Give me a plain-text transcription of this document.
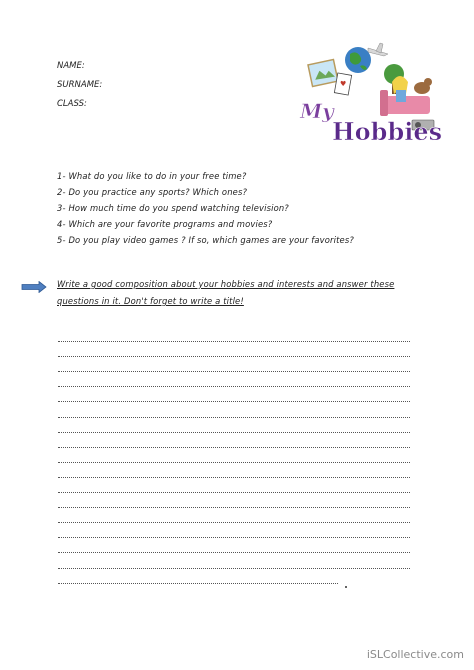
NAME:
SURNAME:
CLASS:
♥
My
Hobbies
1- What do you like to do in your free time?
2- Do you practice any sports? Which ones?
3- How much time do you spend watching television?
4- Which are your favorite programs and movies?
5- Do you play video games ? If so, which games are your favorites?
Write a good composition about your hobbies and interests and answer these
questions in it. Don't forget to write a title!
iSLCollective.com
